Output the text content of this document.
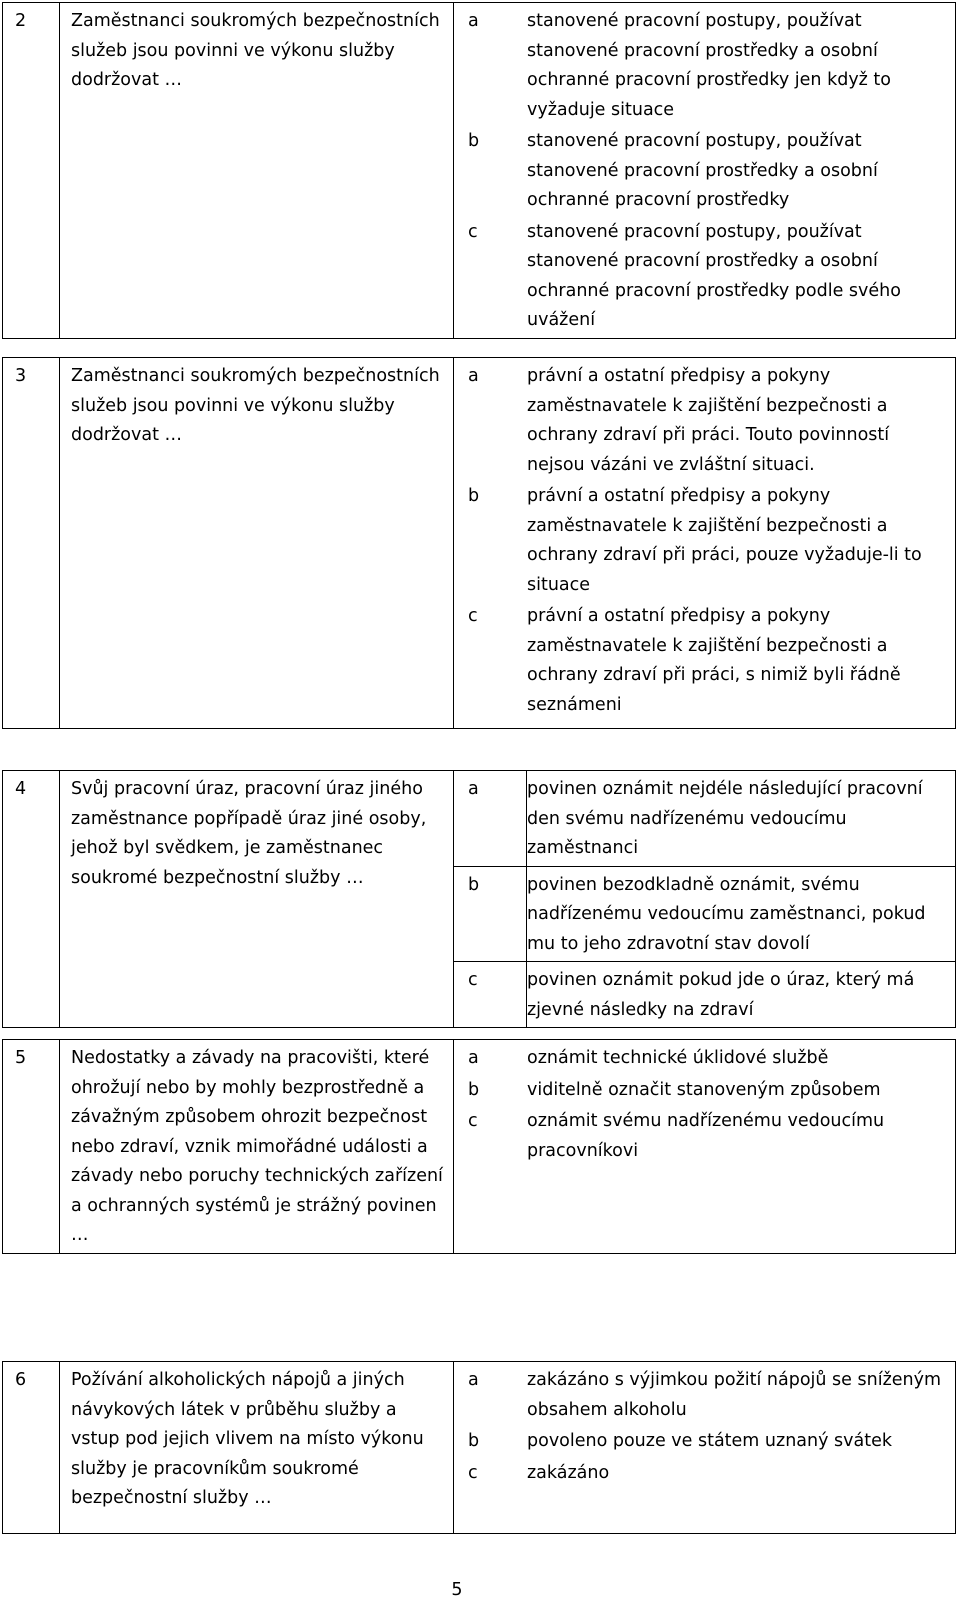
2	Zaměstnanci soukromých bezpečnostních služeb jsou povinni ve výkonu služby dodržovat …

a	stanovené pracovní postupy, používat stanovené pracovní prostředky a osobní ochranné pracovní prostředky jen když to vyžaduje situace
b	stanovené pracovní postupy, používat stanovené pracovní prostředky a osobní ochranné pracovní prostředky
c	stanovené pracovní postupy, používat stanovené pracovní prostředky a osobní ochranné pracovní prostředky podle svého uvážení
3	Zaměstnanci soukromých bezpečnostních služeb jsou povinni ve výkonu služby dodržovat …

a	právní a ostatní předpisy a pokyny zaměstnavatele k zajištění bezpečnosti a ochrany zdraví při práci. Touto povinností nejsou vázáni ve zvláštní situaci.
b	právní a ostatní předpisy a pokyny zaměstnavatele k zajištění bezpečnosti a ochrany zdraví při práci, pouze vyžaduje-li to situace
c	právní a ostatní předpisy a pokyny zaměstnavatele k zajištění bezpečnosti a ochrany zdraví při práci, s nimiž byli řádně seznámeni
4	Svůj pracovní úraz, pracovní úraz jiného zaměstnance popřípadě úraz jiné osoby, jehož byl svědkem, je zaměstnanec soukromé bezpečnostní služby …	a	povinen oznámit nejdéle následující pracovní den svému nadřízenému vedoucímu zaměstnanci

		b	povinen bezodkladně oznámit, svému nadřízenému vedoucímu zaměstnanci, pokud mu to jeho zdravotní stav dovolí

		c	povinen oznámit pokud jde o úraz, který má zjevné následky na zdraví
5	Nedostatky a závady na pracovišti, které ohrožují nebo by mohly bezprostředně a závažným způsobem ohrozit bezpečnost nebo zdraví, vznik mimořádné události a závady nebo poruchy technických zařízení a ochranných systémů je strážný povinen …

a	oznámit technické úklidové službě
b	viditelně označit stanoveným způsobem
c	oznámit svému nadřízenému vedoucímu pracovníkovi
6	Požívání alkoholických nápojů a jiných návykových látek v průběhu služby a vstup pod jejich vlivem na místo výkonu služby je pracovníkům soukromé bezpečnostní služby …

a	zakázáno s výjimkou požití nápojů se sníženým obsahem alkoholu
b	povoleno pouze ve státem uznaný svátek
c	zakázáno
5
